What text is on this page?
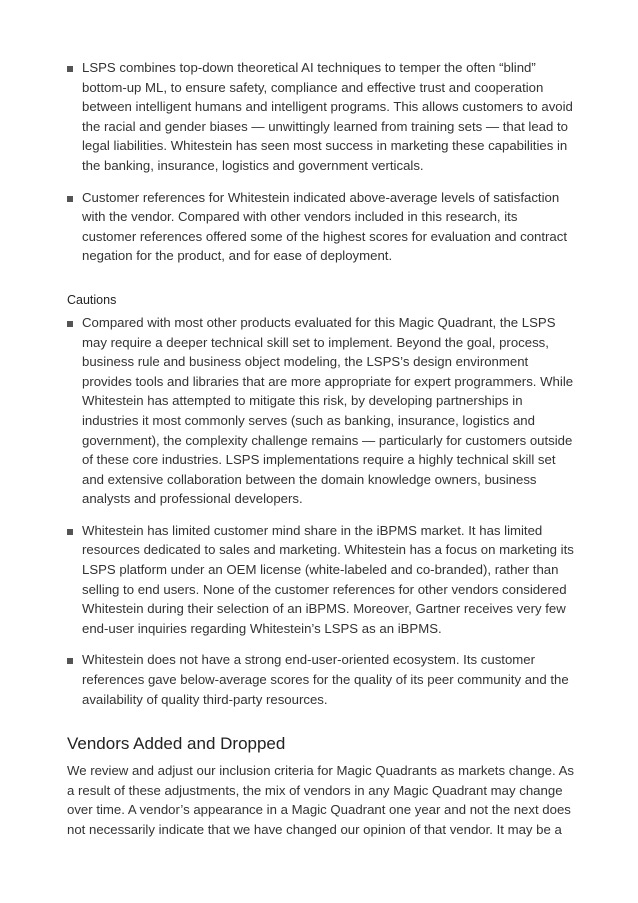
LSPS combines top-down theoretical AI techniques to temper the often “blind” bottom-up ML, to ensure safety, compliance and effective trust and cooperation between intelligent humans and intelligent programs. This allows customers to avoid the racial and gender biases — unwittingly learned from training sets — that lead to legal liabilities. Whitestein has seen most success in marketing these capabilities in the banking, insurance, logistics and government verticals.
Customer references for Whitestein indicated above-average levels of satisfaction with the vendor. Compared with other vendors included in this research, its customer references offered some of the highest scores for evaluation and contract negation for the product, and for ease of deployment.
Cautions
Compared with most other products evaluated for this Magic Quadrant, the LSPS may require a deeper technical skill set to implement. Beyond the goal, process, business rule and business object modeling, the LSPS’s design environment provides tools and libraries that are more appropriate for expert programmers. While Whitestein has attempted to mitigate this risk, by developing partnerships in industries it most commonly serves (such as banking, insurance, logistics and government), the complexity challenge remains — particularly for customers outside of these core industries. LSPS implementations require a highly technical skill set and extensive collaboration between the domain knowledge owners, business analysts and professional developers.
Whitestein has limited customer mind share in the iBPMS market. It has limited resources dedicated to sales and marketing. Whitestein has a focus on marketing its LSPS platform under an OEM license (white-labeled and co-branded), rather than selling to end users. None of the customer references for other vendors considered Whitestein during their selection of an iBPMS. Moreover, Gartner receives very few end-user inquiries regarding Whitestein’s LSPS as an iBPMS.
Whitestein does not have a strong end-user-oriented ecosystem. Its customer references gave below-average scores for the quality of its peer community and the availability of quality third-party resources.
Vendors Added and Dropped

We review and adjust our inclusion criteria for Magic Quadrants as markets change. As a result of these adjustments, the mix of vendors in any Magic Quadrant may change over time. A vendor’s appearance in a Magic Quadrant one year and not the next does not necessarily indicate that we have changed our opinion of that vendor. It may be a
